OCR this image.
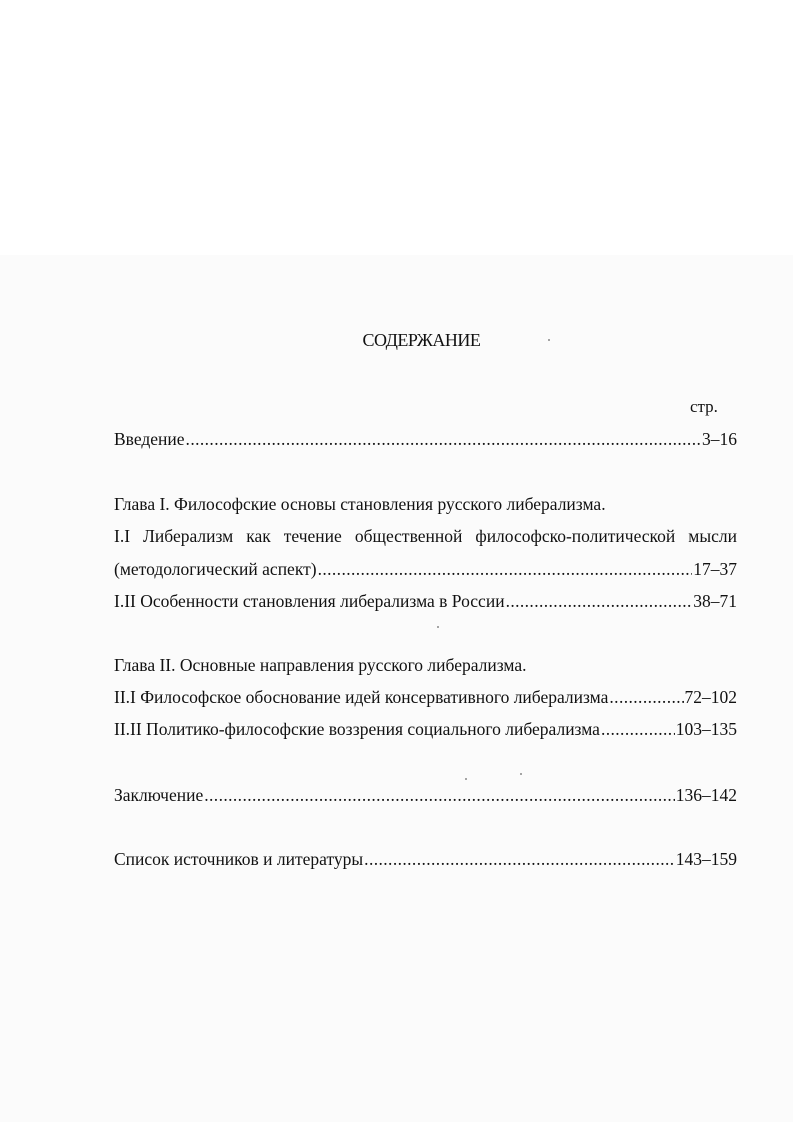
СОДЕРЖАНИЕ
стр.
Введение .....	3–16
Глава I. Философские основы становления русского либерализма.
I.I Либерализм как течение общественной философско-политической мысли
(методологический аспект) .....	17–37
I.II Особенности становления либерализма в России .....	38–71
Глава II. Основные направления русского либерализма.
II.I Философское обоснование идей консервативного либерализма .....	72–102
II.II Политико-философские воззрения социального либерализма .....	103–135
Заключение .....	136–142
Список источников и литературы .....	143–159
